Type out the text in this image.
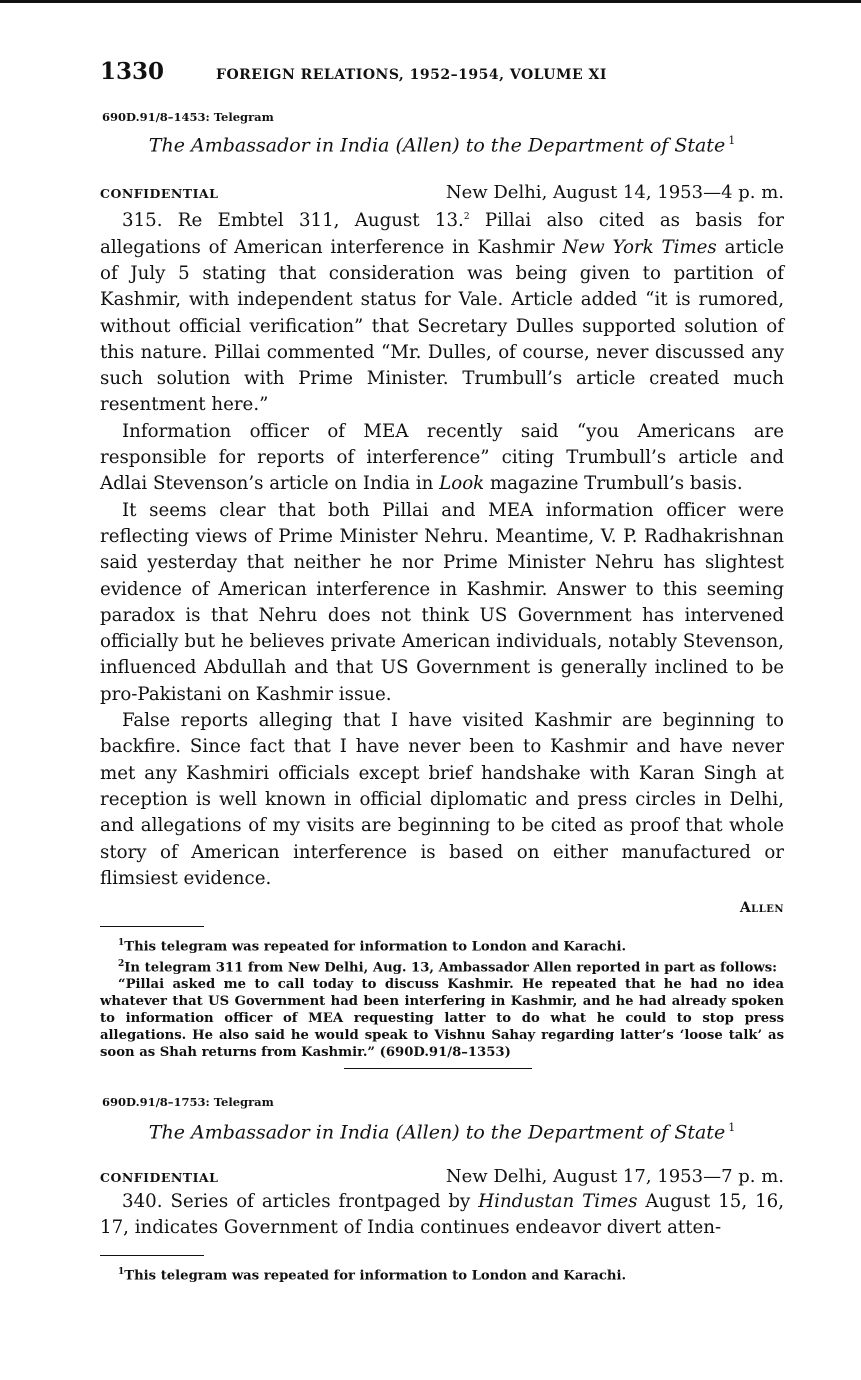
1330	FOREIGN RELATIONS, 1952–1954, VOLUME XI
690D.91/8–1453: Telegram
The Ambassador in India (Allen) to the Department of State $^1$
CONFIDENTIAL	New Delhi, August 14, 1953—4 p. m.

315. Re Embtel 311, August 13.$^2$ Pillai also cited as basis for allegations of American interference in Kashmir New York Times article of July 5 stating that consideration was being given to partition of Kashmir, with independent status for Vale. Article added “it is rumored, without official verification” that Secretary Dulles supported solution of this nature. Pillai commented “Mr. Dulles, of course, never discussed any such solution with Prime Minister. Trumbull’s article created much resentment here.”

Information officer of MEA recently said “you Americans are responsible for reports of interference” citing Trumbull’s article and Adlai Stevenson’s article on India in Look magazine Trumbull’s basis.

It seems clear that both Pillai and MEA information officer were reflecting views of Prime Minister Nehru. Meantime, V. P. Radhakrishnan said yesterday that neither he nor Prime Minister Nehru has slightest evidence of American interference in Kashmir. Answer to this seeming paradox is that Nehru does not think US Government has intervened officially but he believes private American individuals, notably Stevenson, influenced Abdullah and that US Government is generally inclined to be pro-Pakistani on Kashmir issue.

False reports alleging that I have visited Kashmir are beginning to backfire. Since fact that I have never been to Kashmir and have never met any Kashmiri officials except brief handshake with Karan Singh at reception is well known in official diplomatic and press circles in Delhi, and allegations of my visits are beginning to be cited as proof that whole story of American interference is based on either manufactured or flimsiest evidence.

Allen

$^1$This telegram was repeated for information to London and Karachi.

$^2$In telegram 311 from New Delhi, Aug. 13, Ambassador Allen reported in part as follows:

“Pillai asked me to call today to discuss Kashmir. He repeated that he had no idea whatever that US Government had been interfering in Kashmir, and he had already spoken to information officer of MEA requesting latter to do what he could to stop press allegations. He also said he would speak to Vishnu Sahay regarding latter’s ‘loose talk’ as soon as Shah returns from Kashmir.” (690D.91/8–1353)

690D.91/8–1753: Telegram
The Ambassador in India (Allen) to the Department of State $^1$
CONFIDENTIAL	New Delhi, August 17, 1953—7 p. m.

340. Series of articles frontpaged by Hindustan Times August 15, 16, 17, indicates Government of India continues endeavor divert atten-

$^1$This telegram was repeated for information to London and Karachi.
